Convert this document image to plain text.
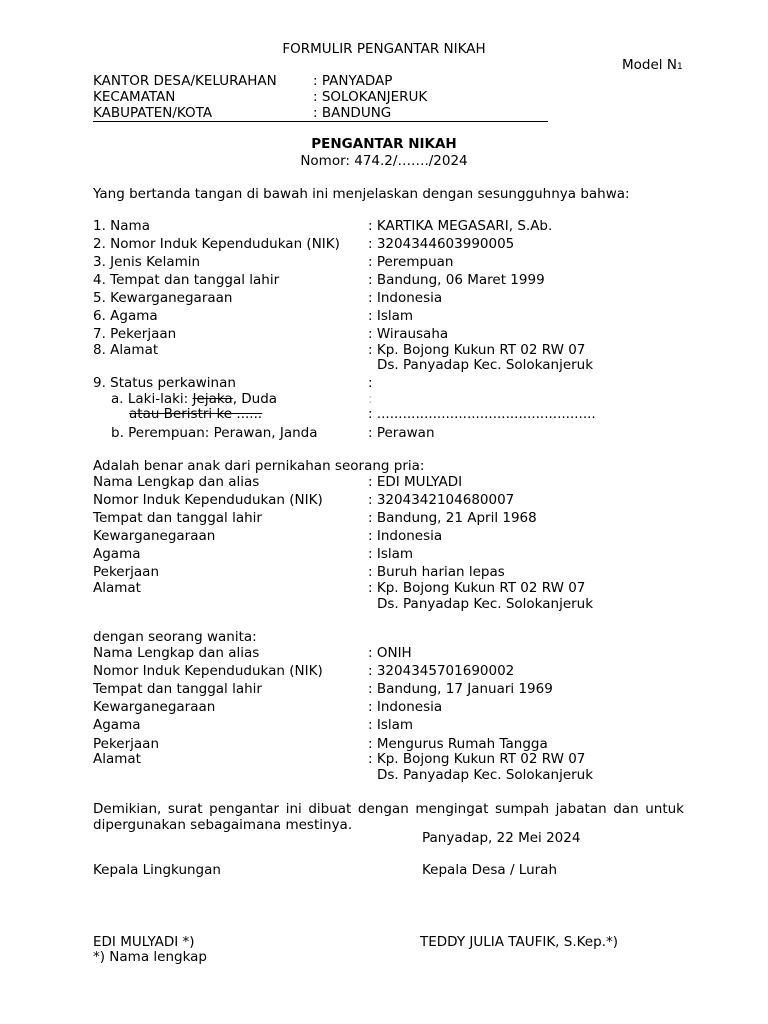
FORMULIR PENGANTAR NIKAH
Model N1
KANTOR DESA/KELURAHAN	: PANYADAP
KECAMATAN	: SOLOKANJERUK
KABUPATEN/KOTA	: BANDUNG
PENGANTAR NIKAH
Nomor: 474.2/……./2024
Yang bertanda tangan di bawah ini menjelaskan dengan sesungguhnya bahwa:
1. Nama	: KARTIKA MEGASARI, S.Ab.
2. Nomor Induk Kependudukan (NIK) : 3204344603990005
3. Jenis Kelamin	: Perempuan
4. Tempat dan tanggal lahir	: Bandung, 06 Maret 1999
5. Kewarganegaraan	: Indonesia
6. Agama	: Islam
7. Pekerjaan	: Wirausaha
8. Alamat	: Kp. Bojong Kukun RT 02 RW 07
Ds. Panyadap Kec. Solokanjeruk
9. Status perkawinan	:
a. Laki-laki: Jejaka, Duda	:
atau Beristri ke ......	: ...................................................
b. Perempuan: Perawan, Janda	: Perawan
Adalah benar anak dari pernikahan seorang pria:
Nama Lengkap dan alias	: EDI MULYADI
Nomor Induk Kependudukan (NIK)	: 3204342104680007
Tempat dan tanggal lahir	: Bandung, 21 April 1968
Kewarganegaraan	: Indonesia
Agama	: Islam
Pekerjaan	: Buruh harian lepas
Alamat	: Kp. Bojong Kukun RT 02 RW 07
Ds. Panyadap Kec. Solokanjeruk
dengan seorang wanita:
Nama Lengkap dan alias	: ONIH
Nomor Induk Kependudukan (NIK)	: 3204345701690002
Tempat dan tanggal lahir	: Bandung, 17 Januari 1969
Kewarganegaraan	: Indonesia
Agama	: Islam
Pekerjaan	: Mengurus Rumah Tangga
Alamat	: Kp. Bojong Kukun RT 02 RW 07
Ds. Panyadap Kec. Solokanjeruk
Demikian, surat pengantar ini dibuat dengan mengingat sumpah jabatan dan untuk dipergunakan sebagaimana mestinya.
Panyadap, 22 Mei 2024
Kepala Lingkungan	Kepala Desa / Lurah
EDI MULYADI *)	TEDDY JULIA TAUFIK, S.Kep.*)
*) Nama lengkap
